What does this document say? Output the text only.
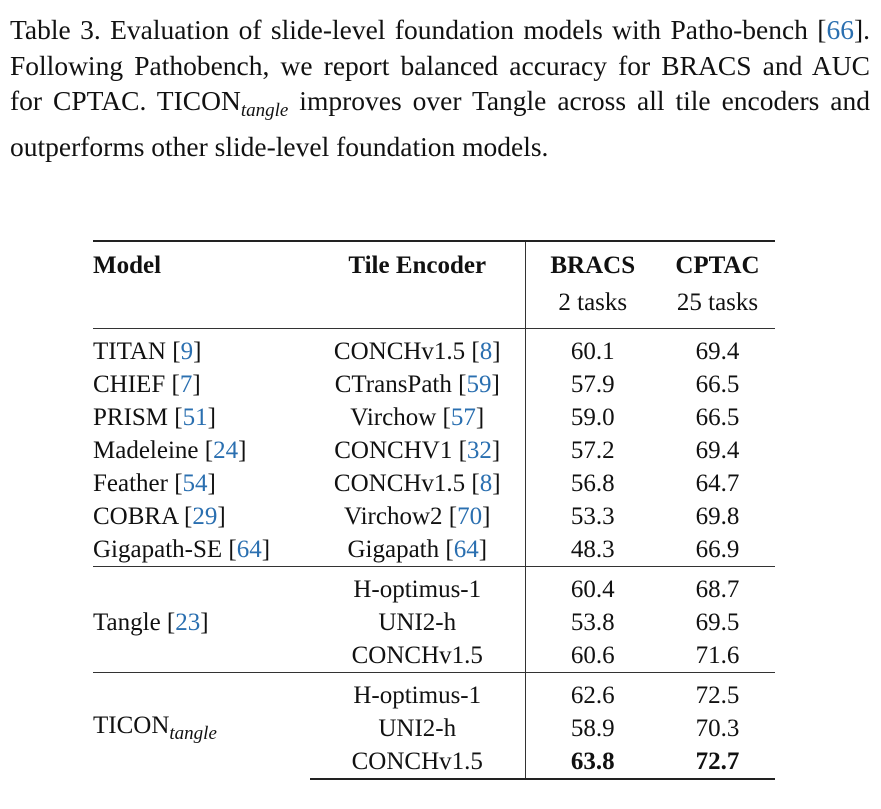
Table 3. Evaluation of slide-level foundation models with Patho-bench [66]. Following Pathobench, we report balanced accuracy for BRACS and AUC for CPTAC. $TICON_{tangle}$ improves over Tangle across all tile encoders and outperforms other slide-level foundation models.
Model	Tile Encoder	BRACS	CPTAC
		2 tasks	25 tasks
TITAN [9]	CONCHv1.5 [8]	60.1	69.4
CHIEF [7]	CTransPath [59]	57.9	66.5
PRISM [51]	Virchow [57]	59.0	66.5
Madeleine [24]	CONCHV1 [32]	57.2	69.4
Feather [54]	CONCHv1.5 [8]	56.8	64.7
COBRA [29]	Virchow2 [70]	53.3	69.8
Gigapath-SE [64]	Gigapath [64]	48.3	66.9
Tangle [23]	H-optimus-1	60.4	68.7
	UNI2-h	53.8	69.5
	CONCHv1.5	60.6	71.6
$TICON_{tangle}$	H-optimus-1	62.6	72.5
	UNI2-h	58.9	70.3
	CONCHv1.5	63.8	72.7
